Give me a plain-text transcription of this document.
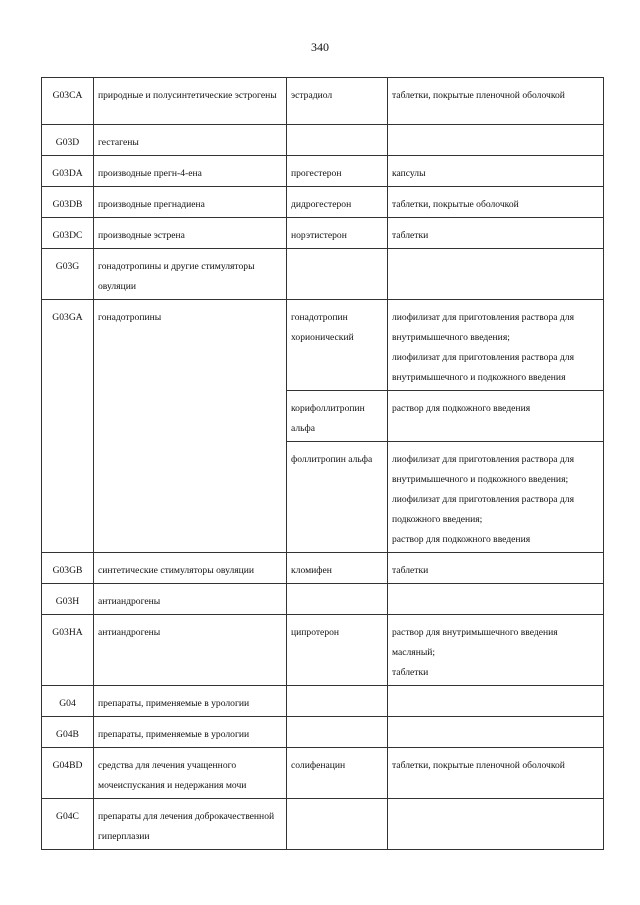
340
G03CA	природные и полусинтетические эстрогены	эстрадиол	таблетки, покрытые пленочной оболочкой

G03D	гестагены		
G03DA	производные прегн-4-ена	прогестерон	капсулы

G03DB	производные прегнадиена	дидрогестерон	таблетки, покрытые оболочкой

G03DC	производные эстрена	норэтистерон	таблетки

G03G	гонадотропины и другие стимуляторы овуляции		
G03GA	гонадотропины	гонадотропин хорионический	лиофилизат для приготовления раствора для внутримышечного введения;
лиофилизат для приготовления раствора для внутримышечного и подкожного введения

		корифоллитропин альфа	раствор для подкожного введения

		фоллитропин альфа	лиофилизат для приготовления раствора для внутримышечного и подкожного введения;
лиофилизат для приготовления раствора для подкожного введения;
раствор для подкожного введения

G03GB	синтетические стимуляторы овуляции	кломифен	таблетки

G03H	антиандрогены		
G03HA	антиандрогены	ципротерон	раствор для внутримышечного введения масляный;
таблетки

G04	препараты, применяемые в урологии		
G04B	препараты, применяемые в урологии		
G04BD	средства для лечения учащенного мочеиспускания и недержания мочи	солифенацин	таблетки, покрытые пленочной оболочкой

G04C	препараты для лечения доброкачественной гиперплазии		
